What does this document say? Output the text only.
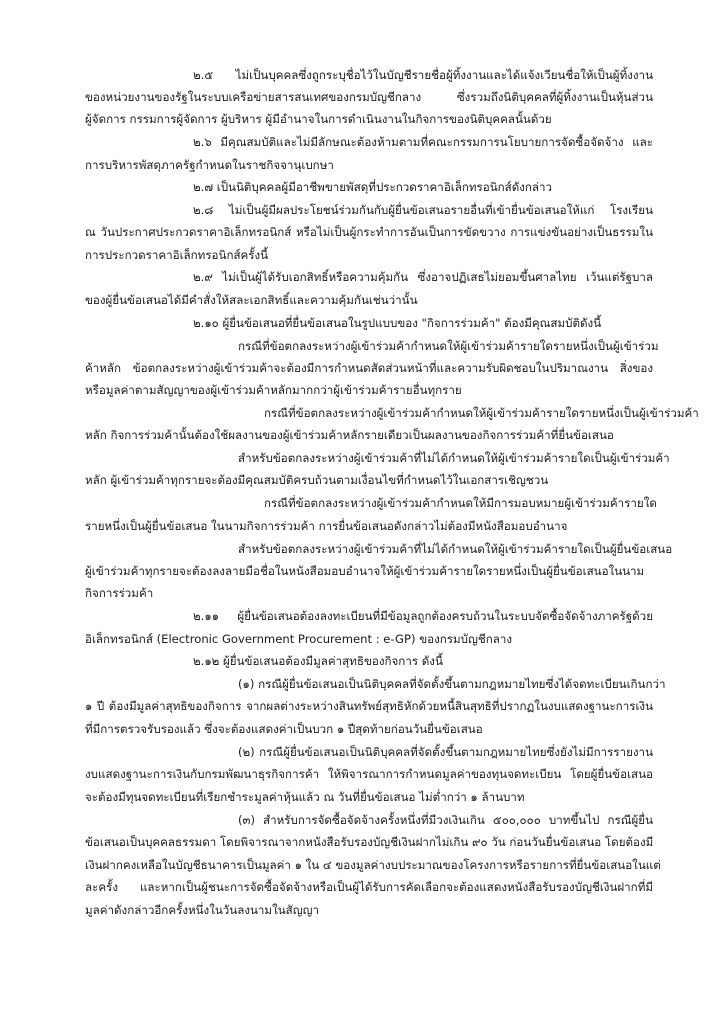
๒.๕ ไม่เป็นบุคคลซึ่งถูกระบุชื่อไว้ในบัญชีรายชื่อผู้ทิ้งงานและได้แจ้งเวียนชื่อให้เป็นผู้ทิ้งงาน
ของหน่วยงานของรัฐในระบบเครือข่ายสารสนเทศของกรมบัญชีกลาง ซึ่งรวมถึงนิติบุคคลที่ผู้ทิ้งงานเป็นหุ้นส่วน
ผู้จัดการ กรรมการผู้จัดการ ผู้บริหาร ผู้มีอำนาจในการดำเนินงานในกิจการของนิติบุคคลนั้นด้วย
๒.๖ มีคุณสมบัติและไม่มีลักษณะต้องห้ามตามที่คณะกรรมการนโยบายการจัดซื้อจัดจ้าง และ
การบริหารพัสดุภาครัฐกำหนดในราชกิจจานุเบกษา
๒.๗ เป็นนิติบุคคลผู้มีอาชีพขายพัสดุที่ประกวดราคาอิเล็กทรอนิกส์ดังกล่าว
๒.๘ ไม่เป็นผู้มีผลประโยชน์ร่วมกันกับผู้ยื่นข้อเสนอรายอื่นที่เข้ายื่นข้อเสนอให้แก่ โรงเรียน
ณ วันประกาศประกวดราคาอิเล็กทรอนิกส์ หรือไม่เป็นผู้กระทำการอันเป็นการขัดขวาง การแข่งขันอย่างเป็นธรรมใน
การประกวดราคาอิเล็กทรอนิกส์ครั้งนี้
๒.๙ ไม่เป็นผู้ได้รับเอกสิทธิ์หรือความคุ้มกัน ซึ่งอาจปฏิเสธไม่ยอมขึ้นศาลไทย เว้นแต่รัฐบาล
ของผู้ยื่นข้อเสนอได้มีคำสั่งให้สละเอกสิทธิ์และความคุ้มกันเช่นว่านั้น
๒.๑๐ ผู้ยื่นข้อเสนอที่ยื่นข้อเสนอในรูปแบบของ "กิจการร่วมค้า" ต้องมีคุณสมบัติดังนี้
กรณีที่ข้อตกลงระหว่างผู้เข้าร่วมค้ากำหนดให้ผู้เข้าร่วมค้ารายใดรายหนึ่งเป็นผู้เข้าร่วม
ค้าหลัก ข้อตกลงระหว่างผู้เข้าร่วมค้าจะต้องมีการกำหนดสัดส่วนหน้าที่และความรับผิดชอบในปริมาณงาน สิ่งของ
หรือมูลค่าตามสัญญาของผู้เข้าร่วมค้าหลักมากกว่าผู้เข้าร่วมค้ารายอื่นทุกราย
กรณีที่ข้อตกลงระหว่างผู้เข้าร่วมค้ากำหนดให้ผู้เข้าร่วมค้ารายใดรายหนึ่งเป็นผู้เข้าร่วมค้า
หลัก กิจการร่วมค้านั้นต้องใช้ผลงานของผู้เข้าร่วมค้าหลักรายเดียวเป็นผลงานของกิจการร่วมค้าที่ยื่นข้อเสนอ
สำหรับข้อตกลงระหว่างผู้เข้าร่วมค้าที่ไม่ได้กำหนดให้ผู้เข้าร่วมค้ารายใดเป็นผู้เข้าร่วมค้า
หลัก ผู้เข้าร่วมค้าทุกรายจะต้องมีคุณสมบัติครบถ้วนตามเงื่อนไขที่กำหนดไว้ในเอกสารเชิญชวน
กรณีที่ข้อตกลงระหว่างผู้เข้าร่วมค้ากำหนดให้มีการมอบหมายผู้เข้าร่วมค้ารายใด
รายหนึ่งเป็นผู้ยื่นข้อเสนอ ในนามกิจการร่วมค้า การยื่นข้อเสนอดังกล่าวไม่ต้องมีหนังสือมอบอำนาจ
สำหรับข้อตกลงระหว่างผู้เข้าร่วมค้าที่ไม่ได้กำหนดให้ผู้เข้าร่วมค้ารายใดเป็นผู้ยื่นข้อเสนอ
ผู้เข้าร่วมค้าทุกรายจะต้องลงลายมือชื่อในหนังสือมอบอำนาจให้ผู้เข้าร่วมค้ารายใดรายหนึ่งเป็นผู้ยื่นข้อเสนอในนาม
กิจการร่วมค้า
๒.๑๑ ผู้ยื่นข้อเสนอต้องลงทะเบียนที่มีข้อมูลถูกต้องครบถ้วนในระบบจัดซื้อจัดจ้างภาครัฐด้วย
อิเล็กทรอนิกส์ (Electronic Government Procurement : e-GP) ของกรมบัญชีกลาง
๒.๑๒ ผู้ยื่นข้อเสนอต้องมีมูลค่าสุทธิของกิจการ ดังนี้
(๑) กรณีผู้ยื่นข้อเสนอเป็นนิติบุคคลที่จัดตั้งขึ้นตามกฎหมายไทยซึ่งได้จดทะเบียนเกินกว่า
๑ ปี ต้องมีมูลค่าสุทธิของกิจการ จากผลต่างระหว่างสินทรัพย์สุทธิหักด้วยหนี้สินสุทธิที่ปรากฏในงบแสดงฐานะการเงิน
ที่มีการตรวจรับรองแล้ว ซึ่งจะต้องแสดงค่าเป็นบวก ๑ ปีสุดท้ายก่อนวันยื่นข้อเสนอ
(๒) กรณีผู้ยื่นข้อเสนอเป็นนิติบุคคลที่จัดตั้งขึ้นตามกฎหมายไทยซึ่งยังไม่มีการรายงาน
งบแสดงฐานะการเงินกับกรมพัฒนาธุรกิจการค้า ให้พิจารณาการกำหนดมูลค่าของทุนจดทะเบียน โดยผู้ยื่นข้อเสนอ
จะต้องมีทุนจดทะเบียนที่เรียกชำระมูลค่าหุ้นแล้ว ณ วันที่ยื่นข้อเสนอ ไม่ต่ำกว่า ๑ ล้านบาท
(๓) สำหรับการจัดซื้อจัดจ้างครั้งหนึ่งที่มีวงเงินเกิน ๕๐๐,๐๐๐ บาทขึ้นไป กรณีผู้ยื่น
ข้อเสนอเป็นบุคคลธรรมดา โดยพิจารณาจากหนังสือรับรองบัญชีเงินฝากไม่เกิน ๙๐ วัน ก่อนวันยื่นข้อเสนอ โดยต้องมี
เงินฝากคงเหลือในบัญชีธนาคารเป็นมูลค่า ๑ ใน ๔ ของมูลค่างบประมาณของโครงการหรือรายการที่ยื่นข้อเสนอในแต่
ละครั้ง และหากเป็นผู้ชนะการจัดซื้อจัดจ้างหรือเป็นผู้ได้รับการคัดเลือกจะต้องแสดงหนังสือรับรองบัญชีเงินฝากที่มี
มูลค่าดังกล่าวอีกครั้งหนึ่งในวันลงนามในสัญญา
